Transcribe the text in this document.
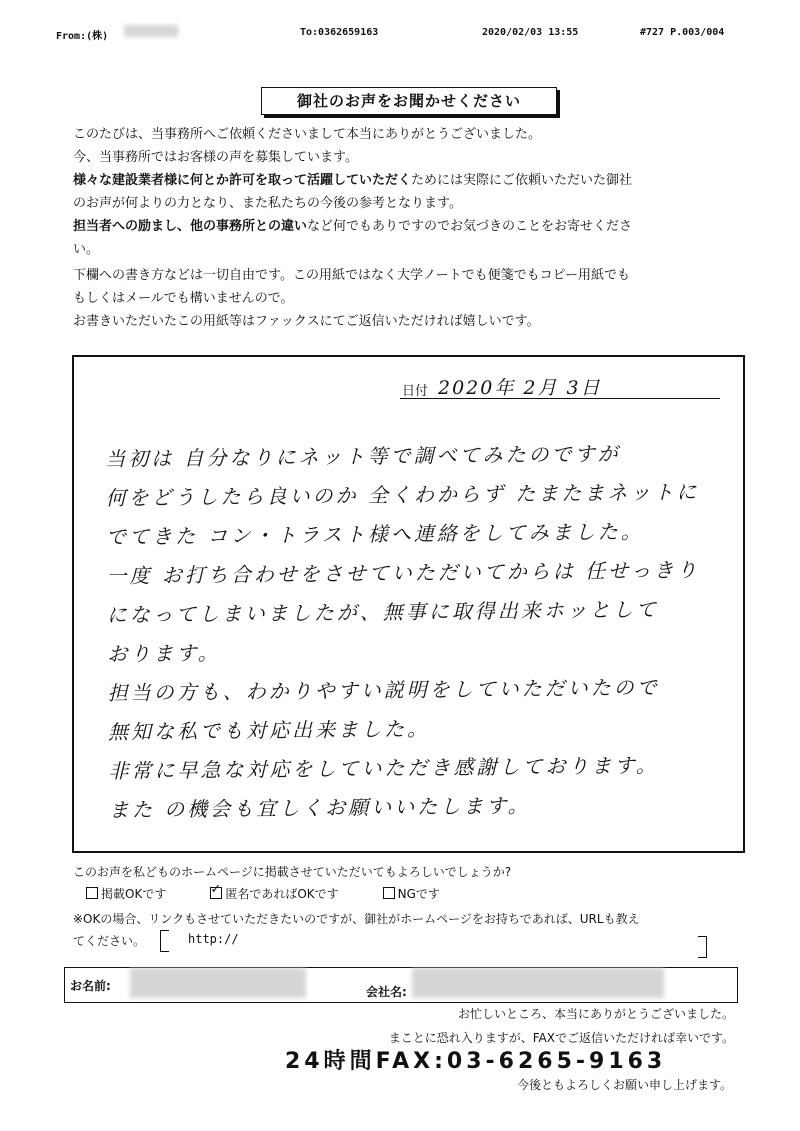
From:(株)	To:0362659163	2020/02/03 13:55	#727 P.003/004
御社のお声をお聞かせください

このたびは、当事務所へご依頼くださいまして本当にありがとうございました。

今、当事務所ではお客様の声を募集しています。

様々な建設業者様に何とか許可を取って活躍していただくためには実際にご依頼いただいた御社

のお声が何よりの力となり、また私たちの今後の参考となります。

担当者への励まし、他の事務所との違いなど何でもありですのでお気づきのことをお寄せくださ

い。

下欄への書き方などは一切自由です。この用紙ではなく大学ノートでも便箋でもコピー用紙でも

もしくはメールでも構いませんので。

お書きいただいたこの用紙等はファックスにてご返信いただければ嬉しいです。

日付 2020年 2月 3日
当初は 自分なりにネット等で調べてみたのですが
何をどうしたら良いのか 全くわからず たまたまネットに
でてきた コン・トラスト様へ連絡をしてみました。
一度 お打ち合わせをさせていただいてからは 任せっきり
になってしまいましたが、無事に取得出来ホッとして
おります。
担当の方も、わかりやすい説明をしていただいたので
無知な私でも対応出来ました。
非常に早急な対応をしていただき感謝しております。
また の機会も宜しくお願いいたします。
このお声を私どものホームページに掲載させていただいてもよろしいでしょうか?
掲載OKです
✓	匿名であればOKです	NGです
※OKの場合、リンクもさせていただきたいのですが、御社がホームページをお持ちであれば、URLも教え
てください。	http://
お名前:	会社名:
お忙しいところ、本当にありがとうございました。
まことに恐れ入りますが、FAXでご返信いただければ幸いです。
24時間FAX:03-6265-9163
今後ともよろしくお願い申し上げます。
